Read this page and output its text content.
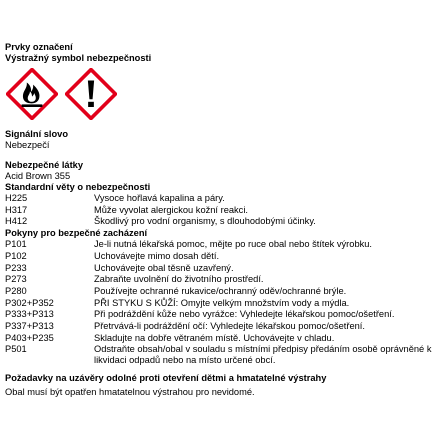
Prvky označení
Výstražný symbol nebezpečnosti
Signální slovo
Nebezpečí
Nebezpečné látky
Acid Brown 355
Standardní věty o nebezpečnosti
H225	Vysoce hořlavá kapalina a páry.
H317	Může vyvolat alergickou kožní reakci.
H412	Škodlivý pro vodní organismy, s dlouhodobými účinky.
Pokyny pro bezpečné zacházení
P101	Je-li nutná lékařská pomoc, mějte po ruce obal nebo štítek výrobku.
P102	Uchovávejte mimo dosah dětí.
P233	Uchovávejte obal těsně uzavřený.
P273	Zabraňte uvolnění do životního prostředí.
P280	Používejte ochranné rukavice/ochranný oděv/ochranné brýle.
P302+P352	PŘI STYKU S KŮŽÍ: Omyjte velkým množstvím vody a mýdla.
P333+P313	Při podráždění kůže nebo vyrážce: Vyhledejte lékařskou pomoc/ošetření.
P337+P313	Přetrvává-li podráždění očí: Vyhledejte lékařskou pomoc/ošetření.
P403+P235	Skladujte na dobře větraném místě. Uchovávejte v chladu.
P501	Odstraňte obsah/obal v souladu s místními předpisy předáním osobě oprávněné k likvidaci odpadů nebo na místo určené obcí.
Požadavky na uzávěry odolné proti otevření dětmi a hmatatelné výstrahy
Obal musí být opatřen hmatatelnou výstrahou pro nevidomé.
